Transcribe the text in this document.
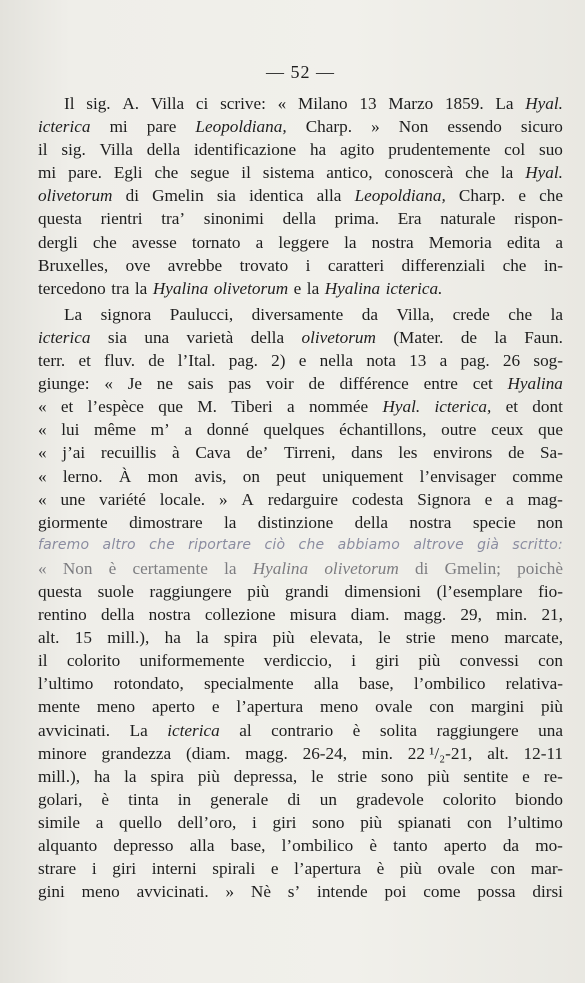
— 52 —
Il sig. A. Villa ci scrive: « Milano 13 Marzo 1859. La Hyal.
icterica mi pare Leopoldiana, Charp. » Non essendo sicuro
il sig. Villa della identificazione ha agito prudentemente col suo
mi pare. Egli che segue il sistema antico, conoscerà che la Hyal.
olivetorum di Gmelin sia identica alla Leopoldiana, Charp. e che
questa rientri tra’ sinonimi della prima. Era naturale rispon-
dergli che avesse tornato a leggere la nostra Memoria edita a
Bruxelles, ove avrebbe trovato i caratteri differenziali che in-
tercedono tra la Hyalina olivetorum e la Hyalina icterica.
La signora Paulucci, diversamente da Villa, crede che la
icterica sia una varietà della olivetorum (Mater. de la Faun.
terr. et fluv. de l’Ital. pag. 2) e nella nota 13 a pag. 26 sog-
giunge: « Je ne sais pas voir de différence entre cet Hyalina
« et l’espèce que M. Tiberi a nommée Hyal. icterica, et dont
« lui même m’ a donné quelques échantillons, outre ceux que
« j’ai recuillis à Cava de’ Tirreni, dans les environs de Sa-
« lerno. À mon avis, on peut uniquement l’envisager comme
« une variété locale. » A redarguire codesta Signora e a mag-
giormente dimostrare la distinzione della nostra specie non
faremo altro che riportare ciò che abbiamo altrove già scritto:
« Non è certamente la Hyalina olivetorum di Gmelin; poichè
questa suole raggiungere più grandi dimensioni (l’esemplare fio-
rentino della nostra collezione misura diam. magg. 29, min. 21,
alt. 15 mill.), ha la spira più elevata, le strie meno marcate,
il colorito uniformemente verdiccio, i giri più convessi con
l’ultimo rotondato, specialmente alla base, l’ombilico relativa-
mente meno aperto e l’apertura meno ovale con margini più
avvicinati. La icterica al contrario è solita raggiungere una
minore grandezza (diam. magg. 26-24, min. 22 ¹/₂-21, alt. 12-11
mill.), ha la spira più depressa, le strie sono più sentite e re-
golari, è tinta in generale di un gradevole colorito biondo
simile a quello dell’oro, i giri sono più spianati con l’ultimo
alquanto depresso alla base, l’ombilico è tanto aperto da mo-
strare i giri interni spirali e l’apertura è più ovale con mar-
gini meno avvicinati. » Nè s’ intende poi come possa dirsi
